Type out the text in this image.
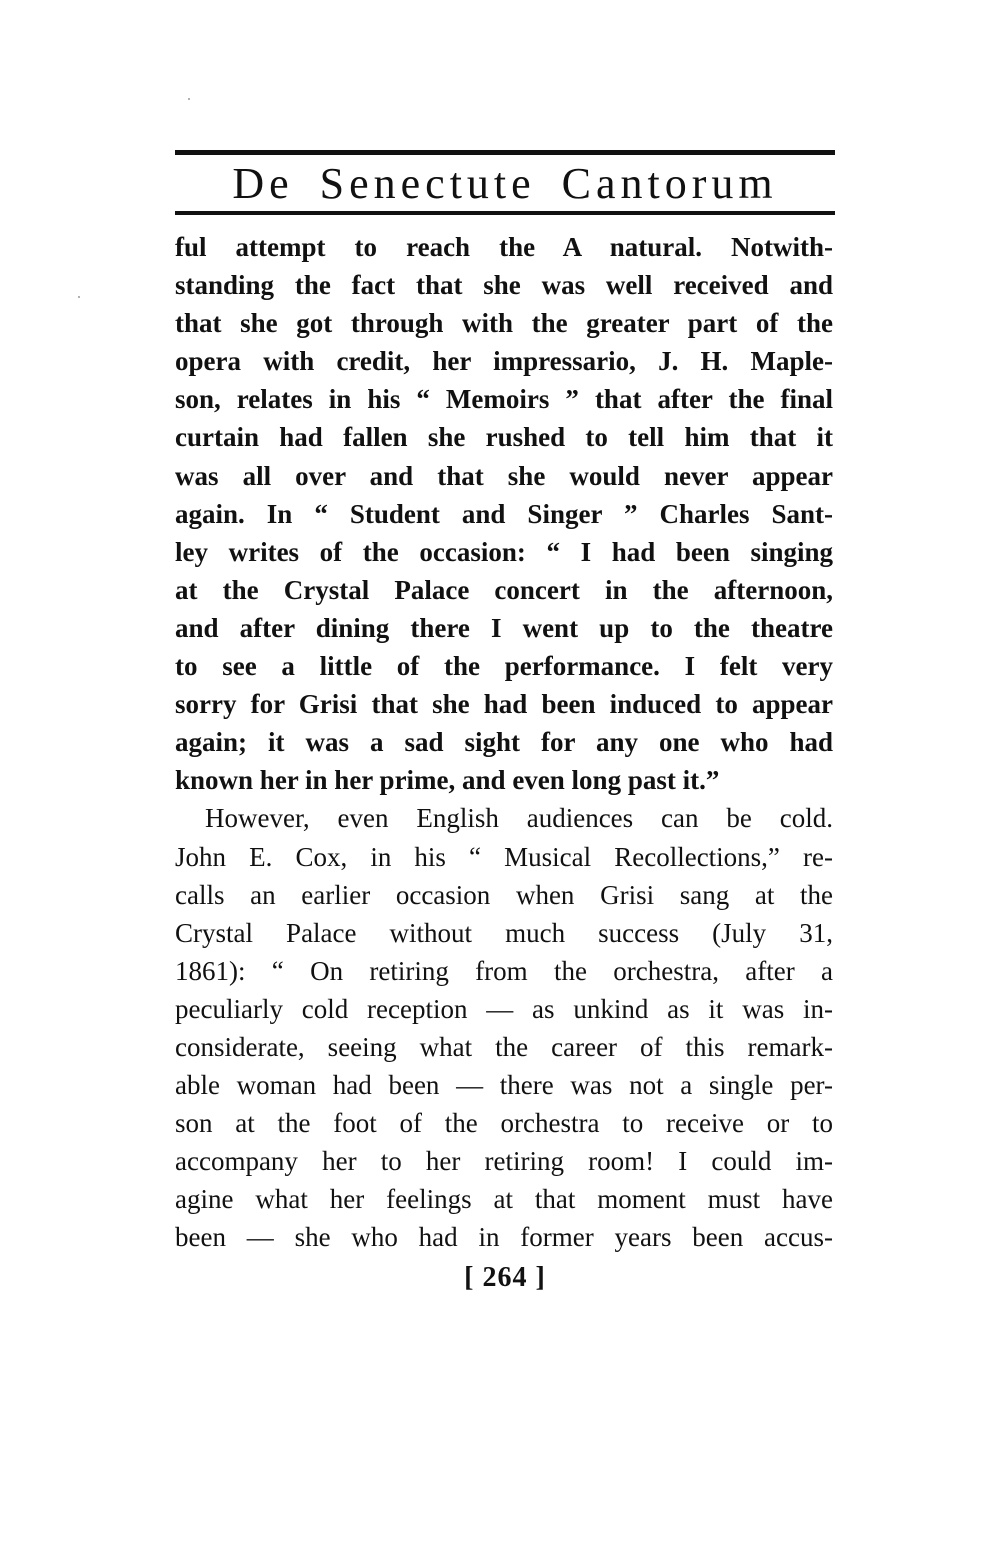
De Senectute Cantorum
ful attempt to reach the A natural. Notwith-
standing the fact that she was well received and
that she got through with the greater part of the
opera with credit, her impressario, J. H. Maple-
son, relates in his “ Memoirs ” that after the final
curtain had fallen she rushed to tell him that it
was all over and that she would never appear
again. In “ Student and Singer ” Charles Sant-
ley writes of the occasion: “ I had been singing
at the Crystal Palace concert in the afternoon,
and after dining there I went up to the theatre
to see a little of the performance. I felt very
sorry for Grisi that she had been induced to appear
again; it was a sad sight for any one who had
known her in her prime, and even long past it.”
However, even English audiences can be cold.
John E. Cox, in his “ Musical Recollections,” re-
calls an earlier occasion when Grisi sang at the
Crystal Palace without much success (July 31,
1861): “ On retiring from the orchestra, after a
peculiarly cold reception — as unkind as it was in-
considerate, seeing what the career of this remark-
able woman had been — there was not a single per-
son at the foot of the orchestra to receive or to
accompany her to her retiring room! I could im-
agine what her feelings at that moment must have
been — she who had in former years been accus-
[ 264 ]
